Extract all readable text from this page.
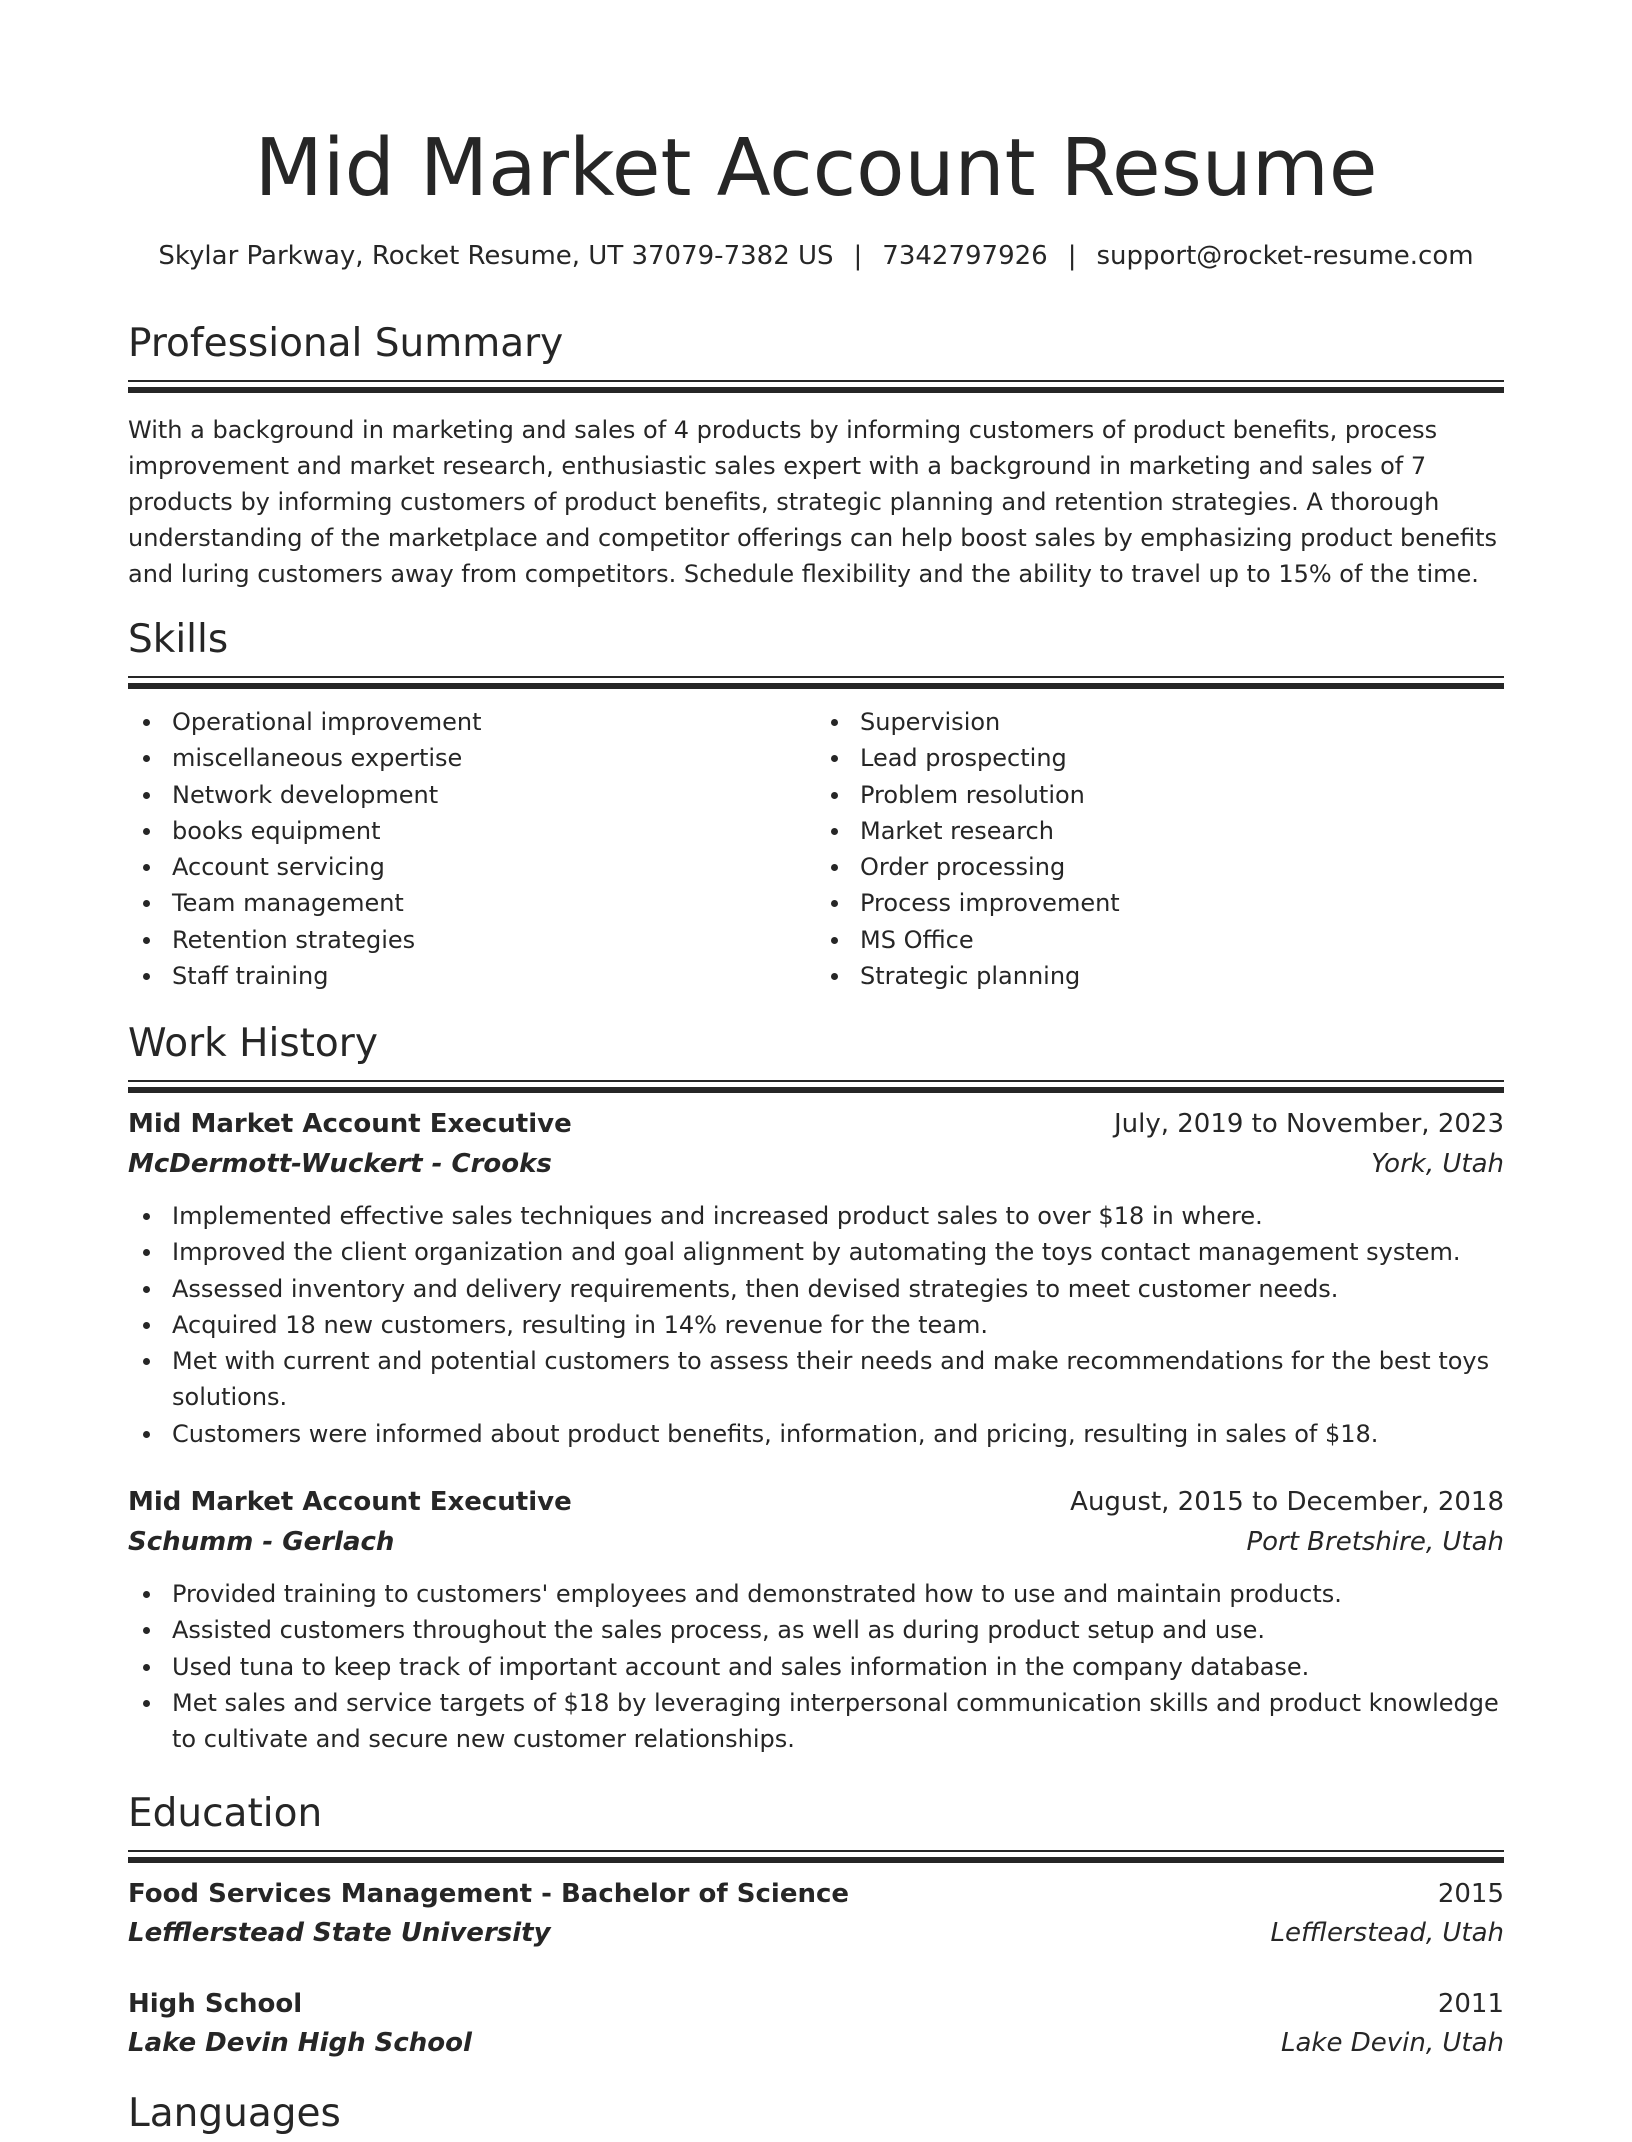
Mid Market Account Resume
Skylar Parkway, Rocket Resume, UT 37079-7382 US | 7342797926 | support@rocket-resume.com
Professional Summary

With a background in marketing and sales of 4 products by informing customers of product benefits, process improvement and market research, enthusiastic sales expert with a background in marketing and sales of 7 products by informing customers of product benefits, strategic planning and retention strategies. A thorough understanding of the marketplace and competitor offerings can help boost sales by emphasizing product benefits and luring customers away from competitors. Schedule flexibility and the ability to travel up to 15% of the time.

Skills
Operational improvement
miscellaneous expertise
Network development
books equipment
Account servicing
Team management
Retention strategies
Staff training
Supervision
Lead prospecting
Problem resolution
Market research
Order processing
Process improvement
MS Office
Strategic planning
Work History
Mid Market Account Executive	July, 2019 to November, 2023
McDermott-Wuckert - Crooks	York, Utah
Implemented effective sales techniques and increased product sales to over $18 in where.
Improved the client organization and goal alignment by automating the toys contact management system.
Assessed inventory and delivery requirements, then devised strategies to meet customer needs.
Acquired 18 new customers, resulting in 14% revenue for the team.
Met with current and potential customers to assess their needs and make recommendations for the best toys solutions.
Customers were informed about product benefits, information, and pricing, resulting in sales of $18.
Mid Market Account Executive	August, 2015 to December, 2018
Schumm - Gerlach	Port Bretshire, Utah
Provided training to customers' employees and demonstrated how to use and maintain products.
Assisted customers throughout the sales process, as well as during product setup and use.
Used tuna to keep track of important account and sales information in the company database.
Met sales and service targets of $18 by leveraging interpersonal communication skills and product knowledge to cultivate and secure new customer relationships.
Education
Food Services Management - Bachelor of Science	2015
Lefflerstead State University	Lefflerstead, Utah
High School	2011
Lake Devin High School	Lake Devin, Utah
Languages
